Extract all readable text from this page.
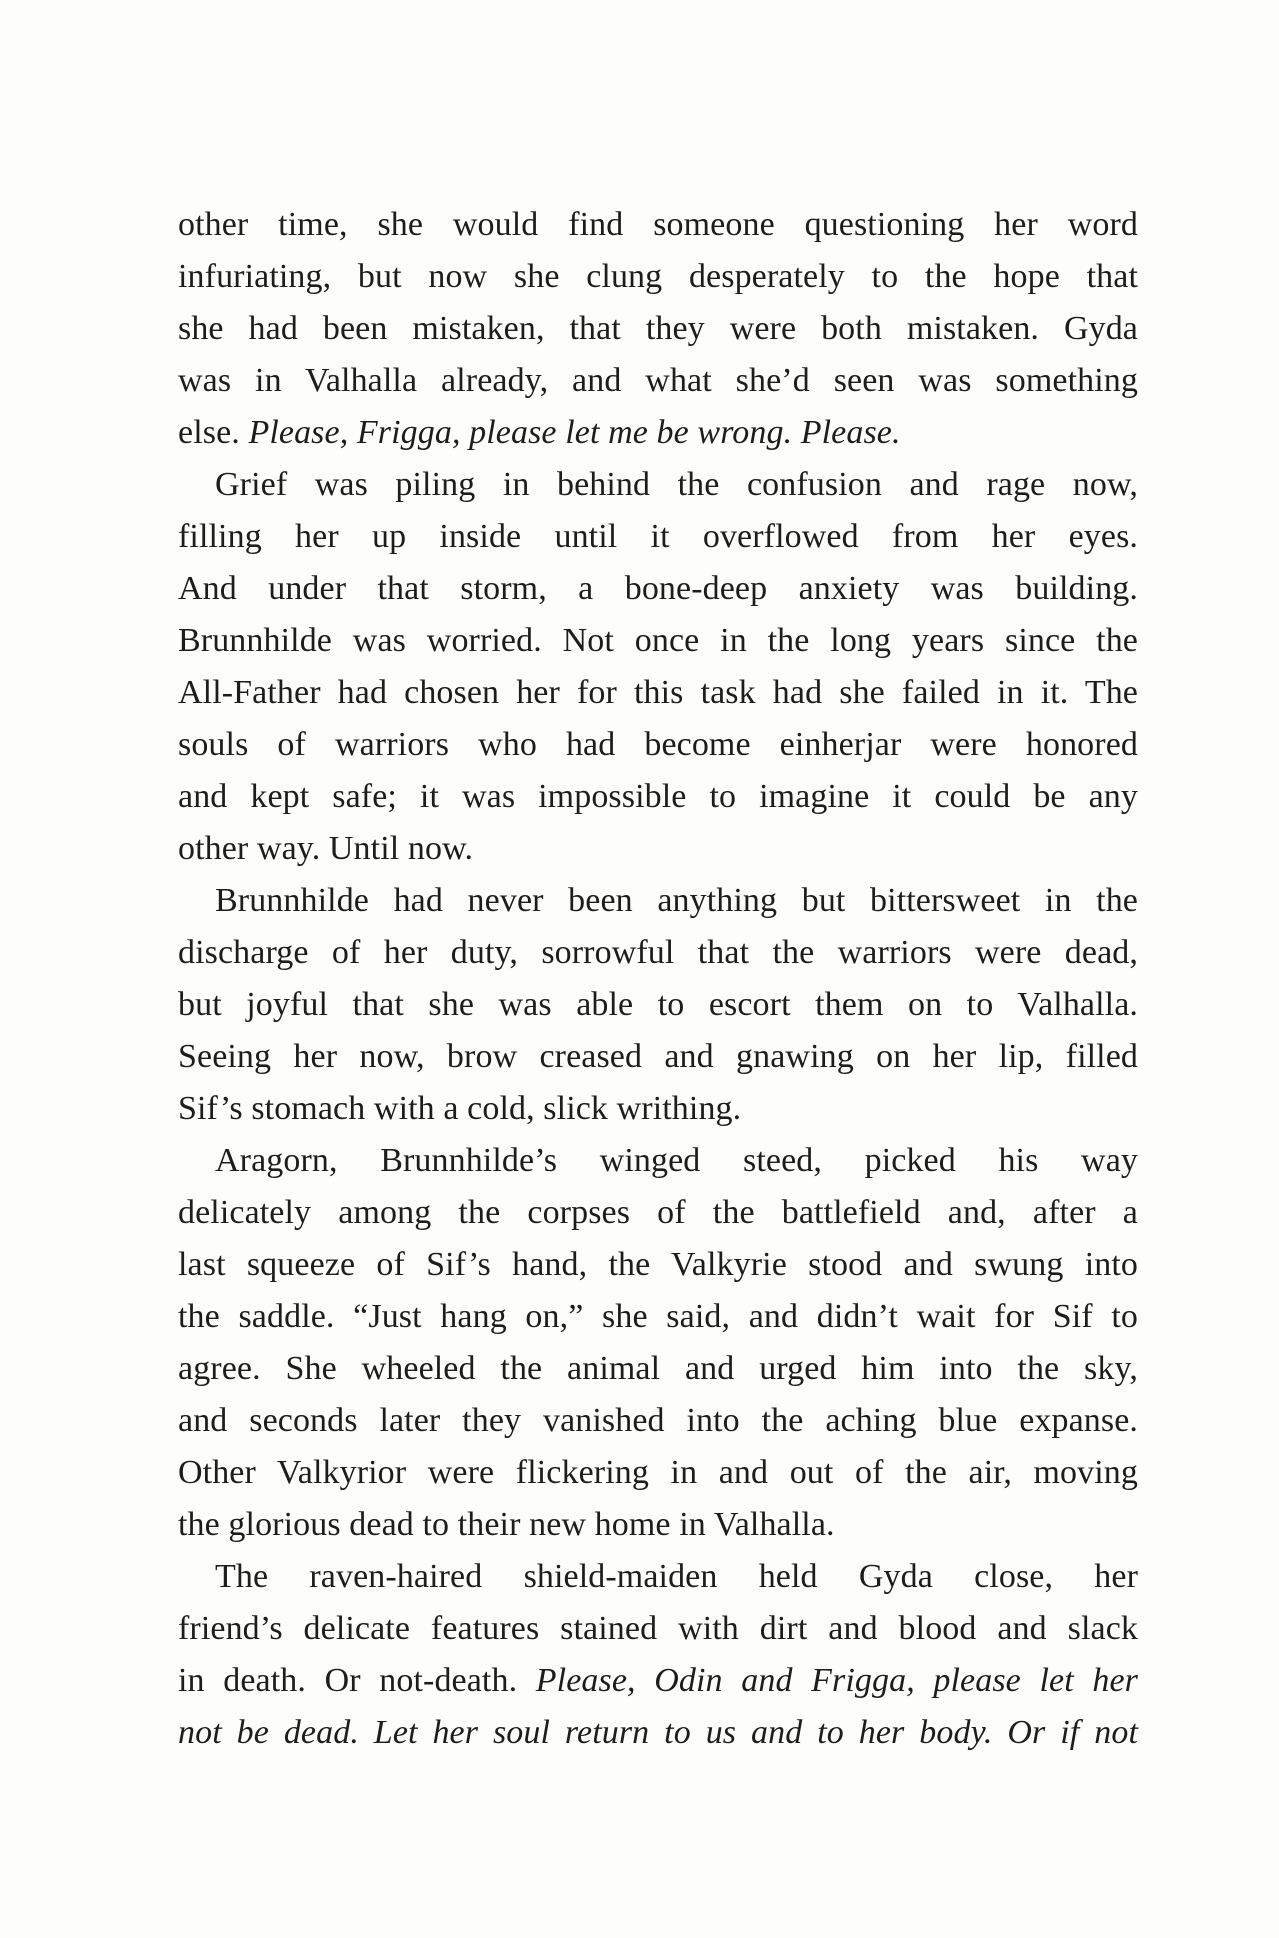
other time, she would find someone questioning her word
infuriating, but now she clung desperately to the hope that
she had been mistaken, that they were both mistaken. Gyda
was in Valhalla already, and what she’d seen was something
else. Please, Frigga, please let me be wrong. Please.
Grief was piling in behind the confusion and rage now,
filling her up inside until it overflowed from her eyes.
And under that storm, a bone-deep anxiety was building.
Brunnhilde was worried. Not once in the long years since the
All-Father had chosen her for this task had she failed in it. The
souls of warriors who had become einherjar were honored
and kept safe; it was impossible to imagine it could be any
other way. Until now.
Brunnhilde had never been anything but bittersweet in the
discharge of her duty, sorrowful that the warriors were dead,
but joyful that she was able to escort them on to Valhalla.
Seeing her now, brow creased and gnawing on her lip, filled
Sif’s stomach with a cold, slick writhing.
Aragorn, Brunnhilde’s winged steed, picked his way
delicately among the corpses of the battlefield and, after a
last squeeze of Sif’s hand, the Valkyrie stood and swung into
the saddle. “Just hang on,” she said, and didn’t wait for Sif to
agree. She wheeled the animal and urged him into the sky,
and seconds later they vanished into the aching blue expanse.
Other Valkyrior were flickering in and out of the air, moving
the glorious dead to their new home in Valhalla.
The raven-haired shield-maiden held Gyda close, her
friend’s delicate features stained with dirt and blood and slack
in death. Or not-death. Please, Odin and Frigga, please let her
not be dead. Let her soul return to us and to her body. Or if not
